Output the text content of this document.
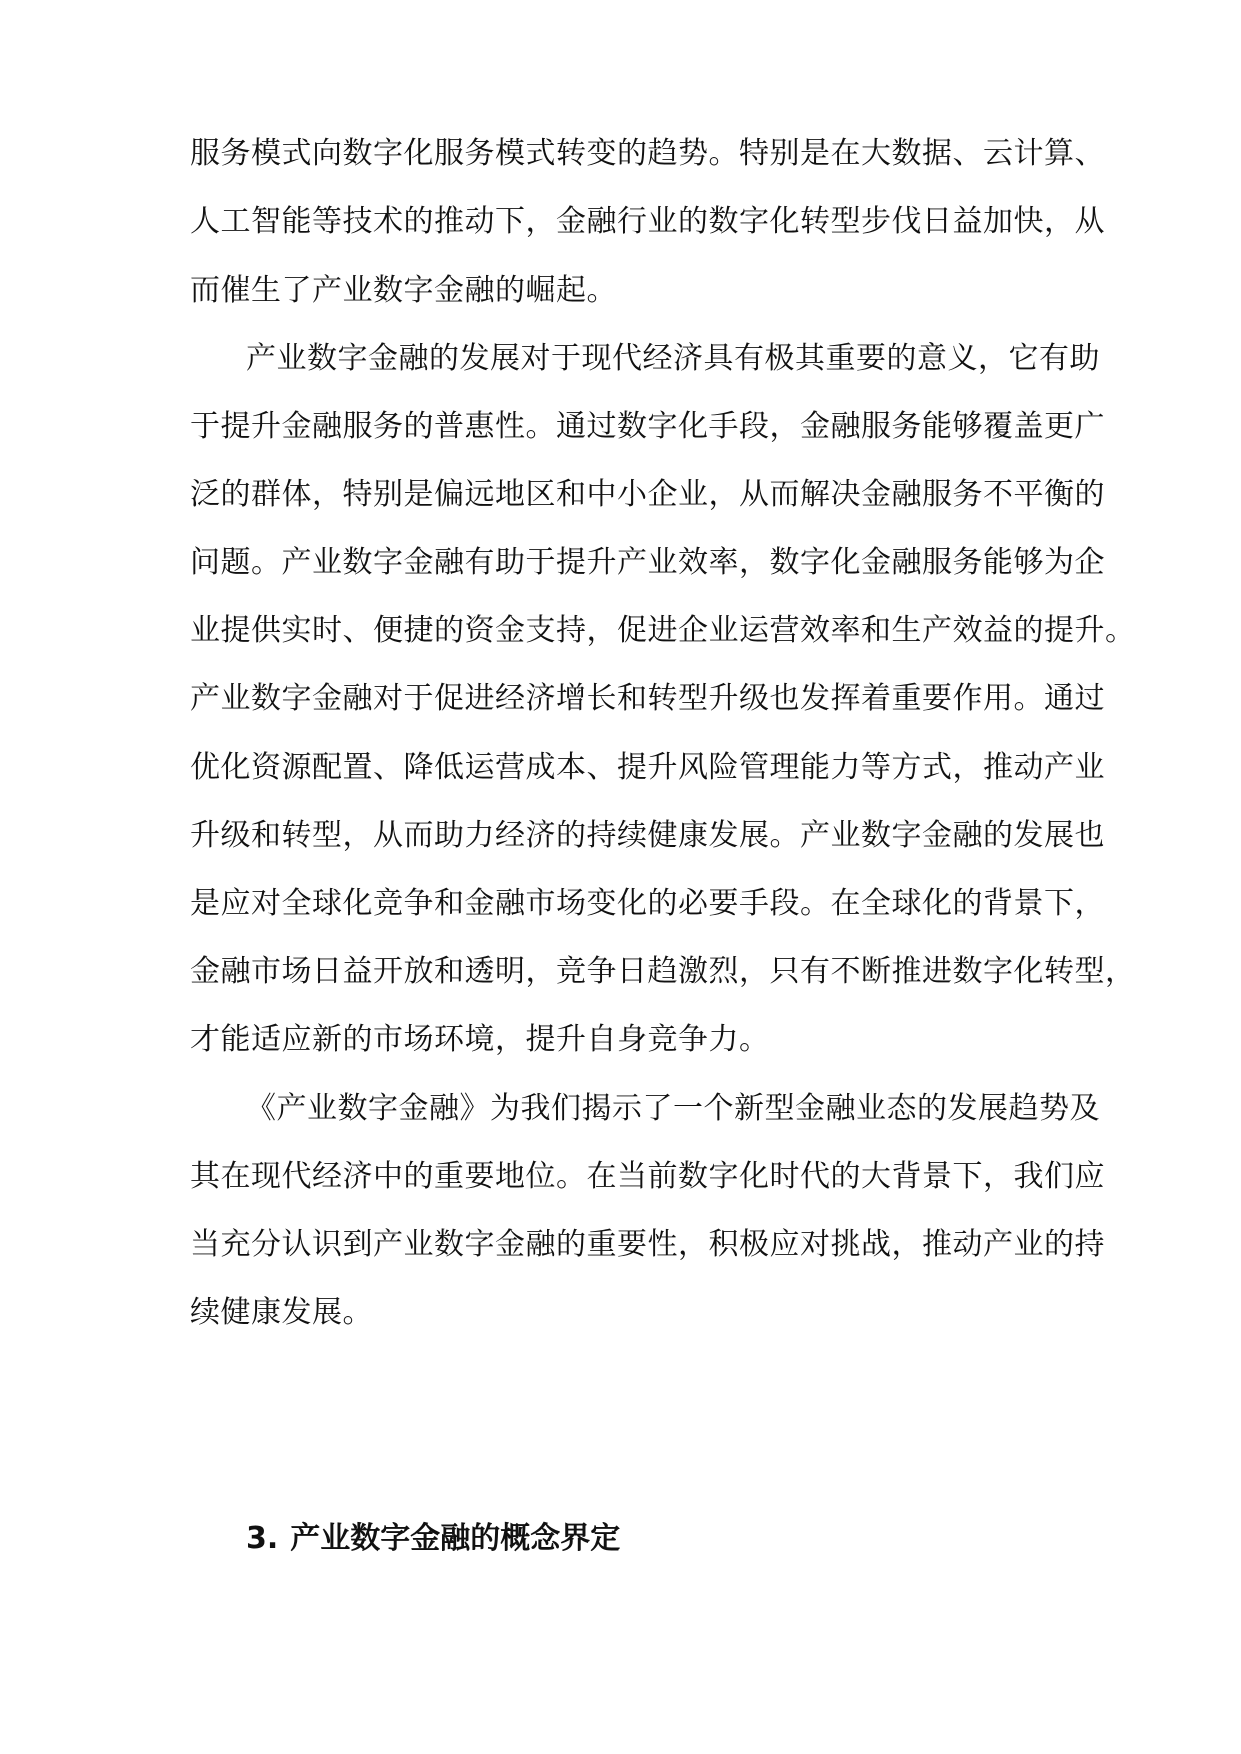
服务模式向数字化服务模式转变的趋势。特别是在大数据、云计算、
人工智能等技术的推动下，金融行业的数字化转型步伐日益加快，从
而催生了产业数字金融的崛起。
产业数字金融的发展对于现代经济具有极其重要的意义，它有助
于提升金融服务的普惠性。通过数字化手段，金融服务能够覆盖更广
泛的群体，特别是偏远地区和中小企业，从而解决金融服务不平衡的
问题。产业数字金融有助于提升产业效率，数字化金融服务能够为企
业提供实时、便捷的资金支持，促进企业运营效率和生产效益的提升。
产业数字金融对于促进经济增长和转型升级也发挥着重要作用。通过
优化资源配置、降低运营成本、提升风险管理能力等方式，推动产业
升级和转型，从而助力经济的持续健康发展。产业数字金融的发展也
是应对全球化竞争和金融市场变化的必要手段。在全球化的背景下，
金融市场日益开放和透明，竞争日趋激烈，只有不断推进数字化转型，
才能适应新的市场环境，提升自身竞争力。
《产业数字金融》为我们揭示了一个新型金融业态的发展趋势及
其在现代经济中的重要地位。在当前数字化时代的大背景下，我们应
当充分认识到产业数字金融的重要性，积极应对挑战，推动产业的持
续健康发展。
3. 产业数字金融的概念界定
